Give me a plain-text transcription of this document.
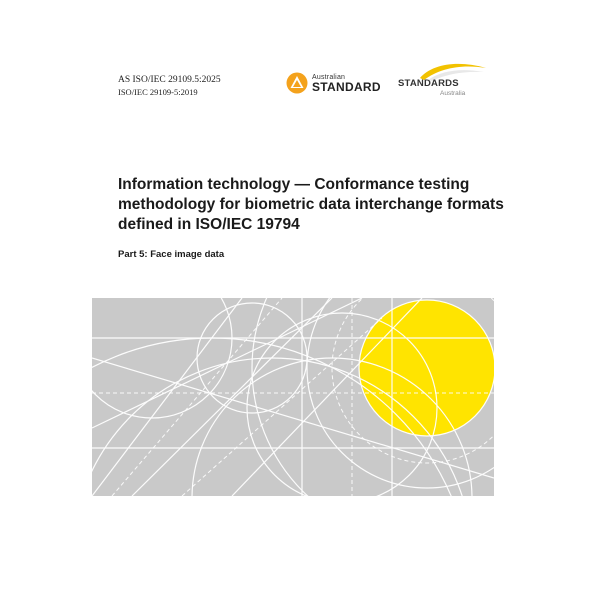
AS ISO/IEC 29109.5:2025
ISO/IEC 29109-5:2019
Australian
STANDARD STANDARDS
Australia
Information technology — Conformance testing methodology for biometric data interchange formats defined in ISO/IEC 19794
Part 5: Face image data
